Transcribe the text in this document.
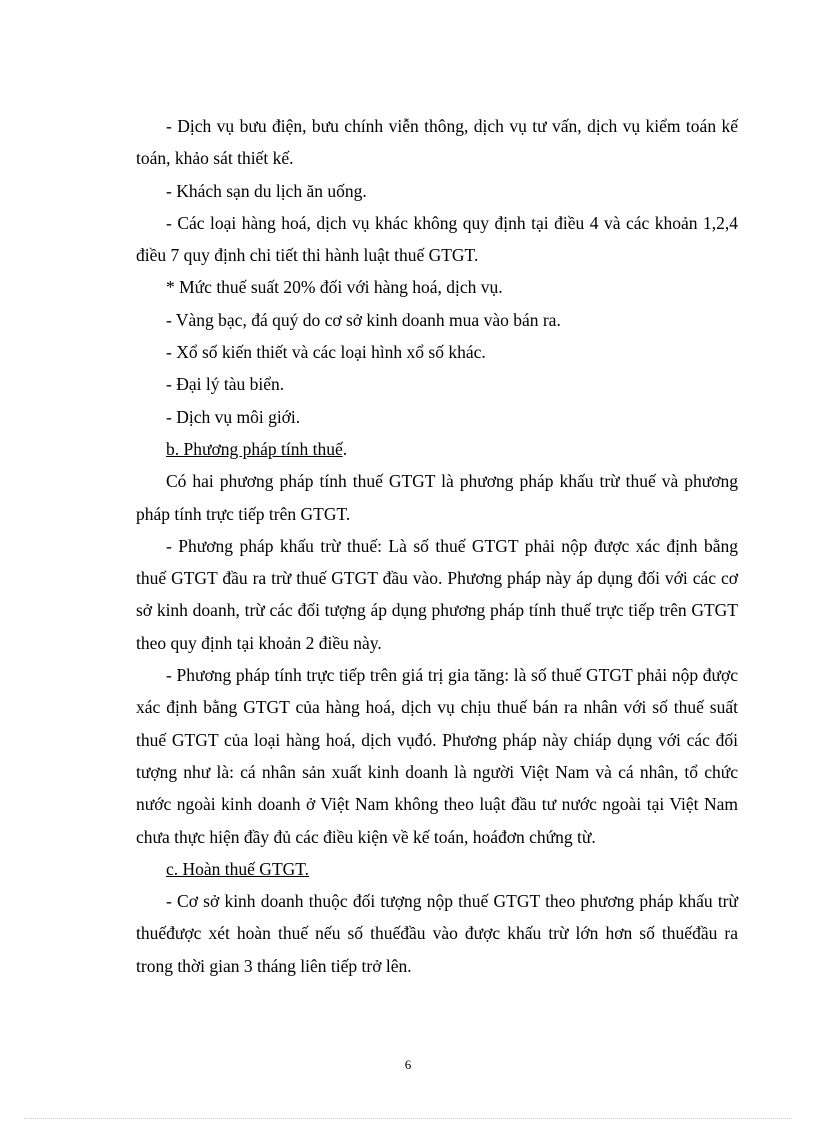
- Dịch vụ bưu điện, bưu chính viễn thông, dịch vụ tư vấn, dịch vụ kiểm toán kế toán, khảo sát thiết kế.

- Khách sạn du lịch ăn uống.

- Các loại hàng hoá, dịch vụ khác không quy định tại điều 4 và các khoản 1,2,4 điều 7 quy định chi tiết thi hành luật thuế GTGT.

* Mức thuế suất 20% đối với hàng hoá, dịch vụ.

- Vàng bạc, đá quý do cơ sở kinh doanh mua vào bán ra.

- Xổ số kiến thiết và các loại hình xổ số khác.

- Đại lý tàu biển.

- Dịch vụ môi giới.

b. Phương pháp tính thuế.

Có hai phương pháp tính thuế GTGT là phương pháp khấu trừ thuế và phương pháp tính trực tiếp trên GTGT.

- Phương pháp khấu trừ thuế: Là số thuế GTGT phải nộp được xác định bằng thuế GTGT đầu ra trừ thuế GTGT đầu vào. Phương pháp này áp dụng đối với các cơ sở kinh doanh, trừ các đối tượng áp dụng phương pháp tính thuế trực tiếp trên GTGT theo quy định tại khoản 2 điều này.

- Phương pháp tính trực tiếp trên giá trị gia tăng: là số thuế GTGT phải nộp được xác định bằng GTGT của hàng hoá, dịch vụ chịu thuế bán ra nhân với số thuế suất thuế GTGT của loại hàng hoá, dịch vụđó. Phương pháp này chiáp dụng với các đối tượng như là: cá nhân sản xuất kinh doanh là người Việt Nam và cá nhân, tổ chức nước ngoài kinh doanh ở Việt Nam không theo luật đầu tư nước ngoài tại Việt Nam chưa thực hiện đầy đủ các điều kiện về kế toán, hoáđơn chứng từ.

c. Hoàn thuế GTGT.

- Cơ sở kinh doanh thuộc đối tượng nộp thuế GTGT theo phương pháp khấu trừ thuếđược xét hoàn thuế nếu số thuếđầu vào được khấu trừ lớn hơn số thuếđầu ra trong thời gian 3 tháng liên tiếp trở lên.

6
